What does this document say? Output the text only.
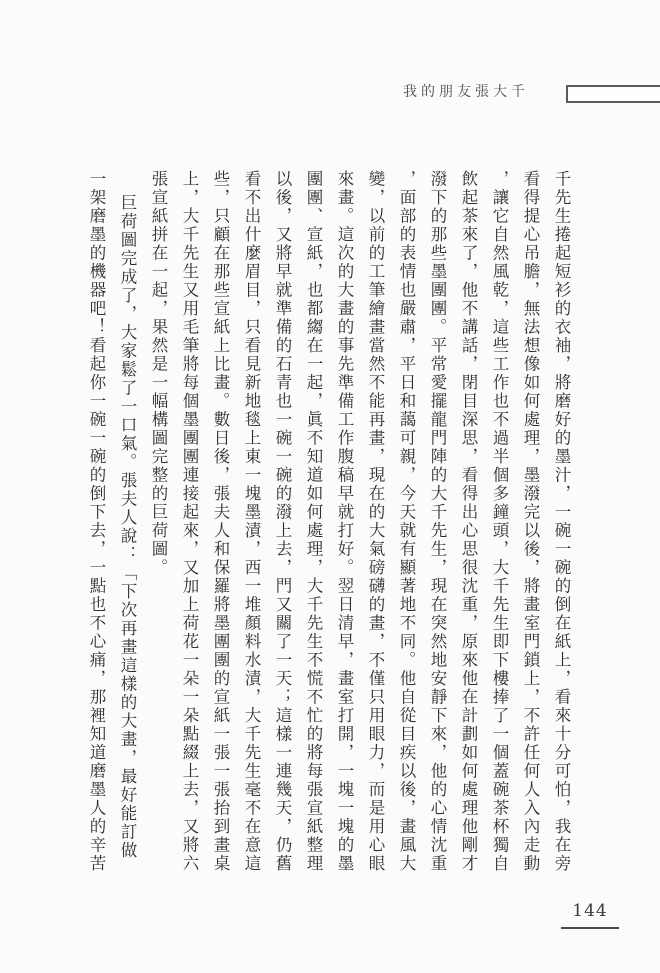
我的朋友張大千

千先生捲起短衫的衣袖，將磨好的墨汁，一碗一碗的倒在紙上，看來十分可怕，我在旁看得提心吊膽，無法想像如何處理，墨潑完以後，將畫室門鎖上，不許任何人入內走動，讓它自然風乾，這些工作也不過半個多鐘頭，大千先生即下樓捧了一個蓋碗茶杯獨自飲起茶來了，他不講話，閉目深思，看得出心思很沈重，原來他在計劃如何處理他剛才潑下的那些墨團團。平常愛擺龍門陣的大千先生，現在突然地安靜下來，他的心情沈重，面部的表情也嚴肅，平日和藹可親，今天就有顯著地不同。他自從目疾以後，畫風大變，以前的工筆繪畫當然不能再畫，現在的大氣磅礴的畫，不僅只用眼力，而是用心眼來畫。這次的大畫的事先準備工作腹稿早就打好。翌日清早，畫室打開，一塊一塊的墨團團、宣紙，也都縐在一起，眞不知道如何處理，大千先生不慌不忙的將每張宣紙整理以後，又將早就準備的石青也一碗一碗的潑上去，門又關了一天；這樣一連幾天，仍舊看不出什麼眉目，只看見新地毯上東一塊墨漬，西一堆顏料水漬，大千先生毫不在意這些，只顧在那些宣紙上比畫。數日後，張夫人和保羅將墨團團的宣紙一張一張抬到畫桌上，大千先生又用毛筆將每個墨團團連接起來，又加上荷花一朵一朵點綴上去，又將六張宣紙拼在一起，果然是一幅構圖完整的巨荷圖。

巨荷圖完成了，大家鬆了一口氣。張夫人說：「下次再畫這樣的大畫，最好能訂做一架磨墨的機器吧！看起你一碗一碗的倒下去，一點也不心痛，那裡知道磨墨人的辛苦

144
